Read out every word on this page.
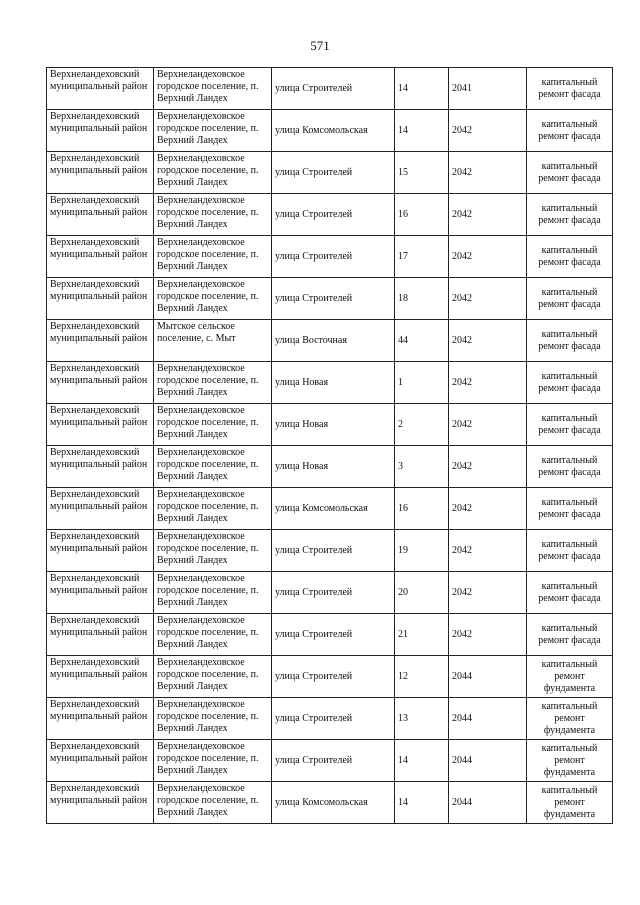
571
Верхнеландеховский муниципальный район	Верхнеландеховское городское поселение, п. Верхний Ландех	улица Строителей	14	2041	капитальный ремонт фасада
Верхнеландеховский муниципальный район	Верхнеландеховское городское поселение, п. Верхний Ландех	улица Комсомольская	14	2042	капитальный ремонт фасада
Верхнеландеховский муниципальный район	Верхнеландеховское городское поселение, п. Верхний Ландех	улица Строителей	15	2042	капитальный ремонт фасада
Верхнеландеховский муниципальный район	Верхнеландеховское городское поселение, п. Верхний Ландех	улица Строителей	16	2042	капитальный ремонт фасада
Верхнеландеховский муниципальный район	Верхнеландеховское городское поселение, п. Верхний Ландех	улица Строителей	17	2042	капитальный ремонт фасада
Верхнеландеховский муниципальный район	Верхнеландеховское городское поселение, п. Верхний Ландех	улица Строителей	18	2042	капитальный ремонт фасада
Верхнеландеховский муниципальный район	Мытское сельское поселение, с. Мыт	улица Восточная	44	2042	капитальный ремонт фасада
Верхнеландеховский муниципальный район	Верхнеландеховское городское поселение, п. Верхний Ландех	улица Новая	1	2042	капитальный ремонт фасада
Верхнеландеховский муниципальный район	Верхнеландеховское городское поселение, п. Верхний Ландех	улица Новая	2	2042	капитальный ремонт фасада
Верхнеландеховский муниципальный район	Верхнеландеховское городское поселение, п. Верхний Ландех	улица Новая	3	2042	капитальный ремонт фасада
Верхнеландеховский муниципальный район	Верхнеландеховское городское поселение, п. Верхний Ландех	улица Комсомольская	16	2042	капитальный ремонт фасада
Верхнеландеховский муниципальный район	Верхнеландеховское городское поселение, п. Верхний Ландех	улица Строителей	19	2042	капитальный ремонт фасада
Верхнеландеховский муниципальный район	Верхнеландеховское городское поселение, п. Верхний Ландех	улица Строителей	20	2042	капитальный ремонт фасада
Верхнеландеховский муниципальный район	Верхнеландеховское городское поселение, п. Верхний Ландех	улица Строителей	21	2042	капитальный ремонт фасада
Верхнеландеховский муниципальный район	Верхнеландеховское городское поселение, п. Верхний Ландех	улица Строителей	12	2044	капитальный ремонт фундамента
Верхнеландеховский муниципальный район	Верхнеландеховское городское поселение, п. Верхний Ландех	улица Строителей	13	2044	капитальный ремонт фундамента
Верхнеландеховский муниципальный район	Верхнеландеховское городское поселение, п. Верхний Ландех	улица Строителей	14	2044	капитальный ремонт фундамента
Верхнеландеховский муниципальный район	Верхнеландеховское городское поселение, п. Верхний Ландех	улица Комсомольская	14	2044	капитальный ремонт фундамента
